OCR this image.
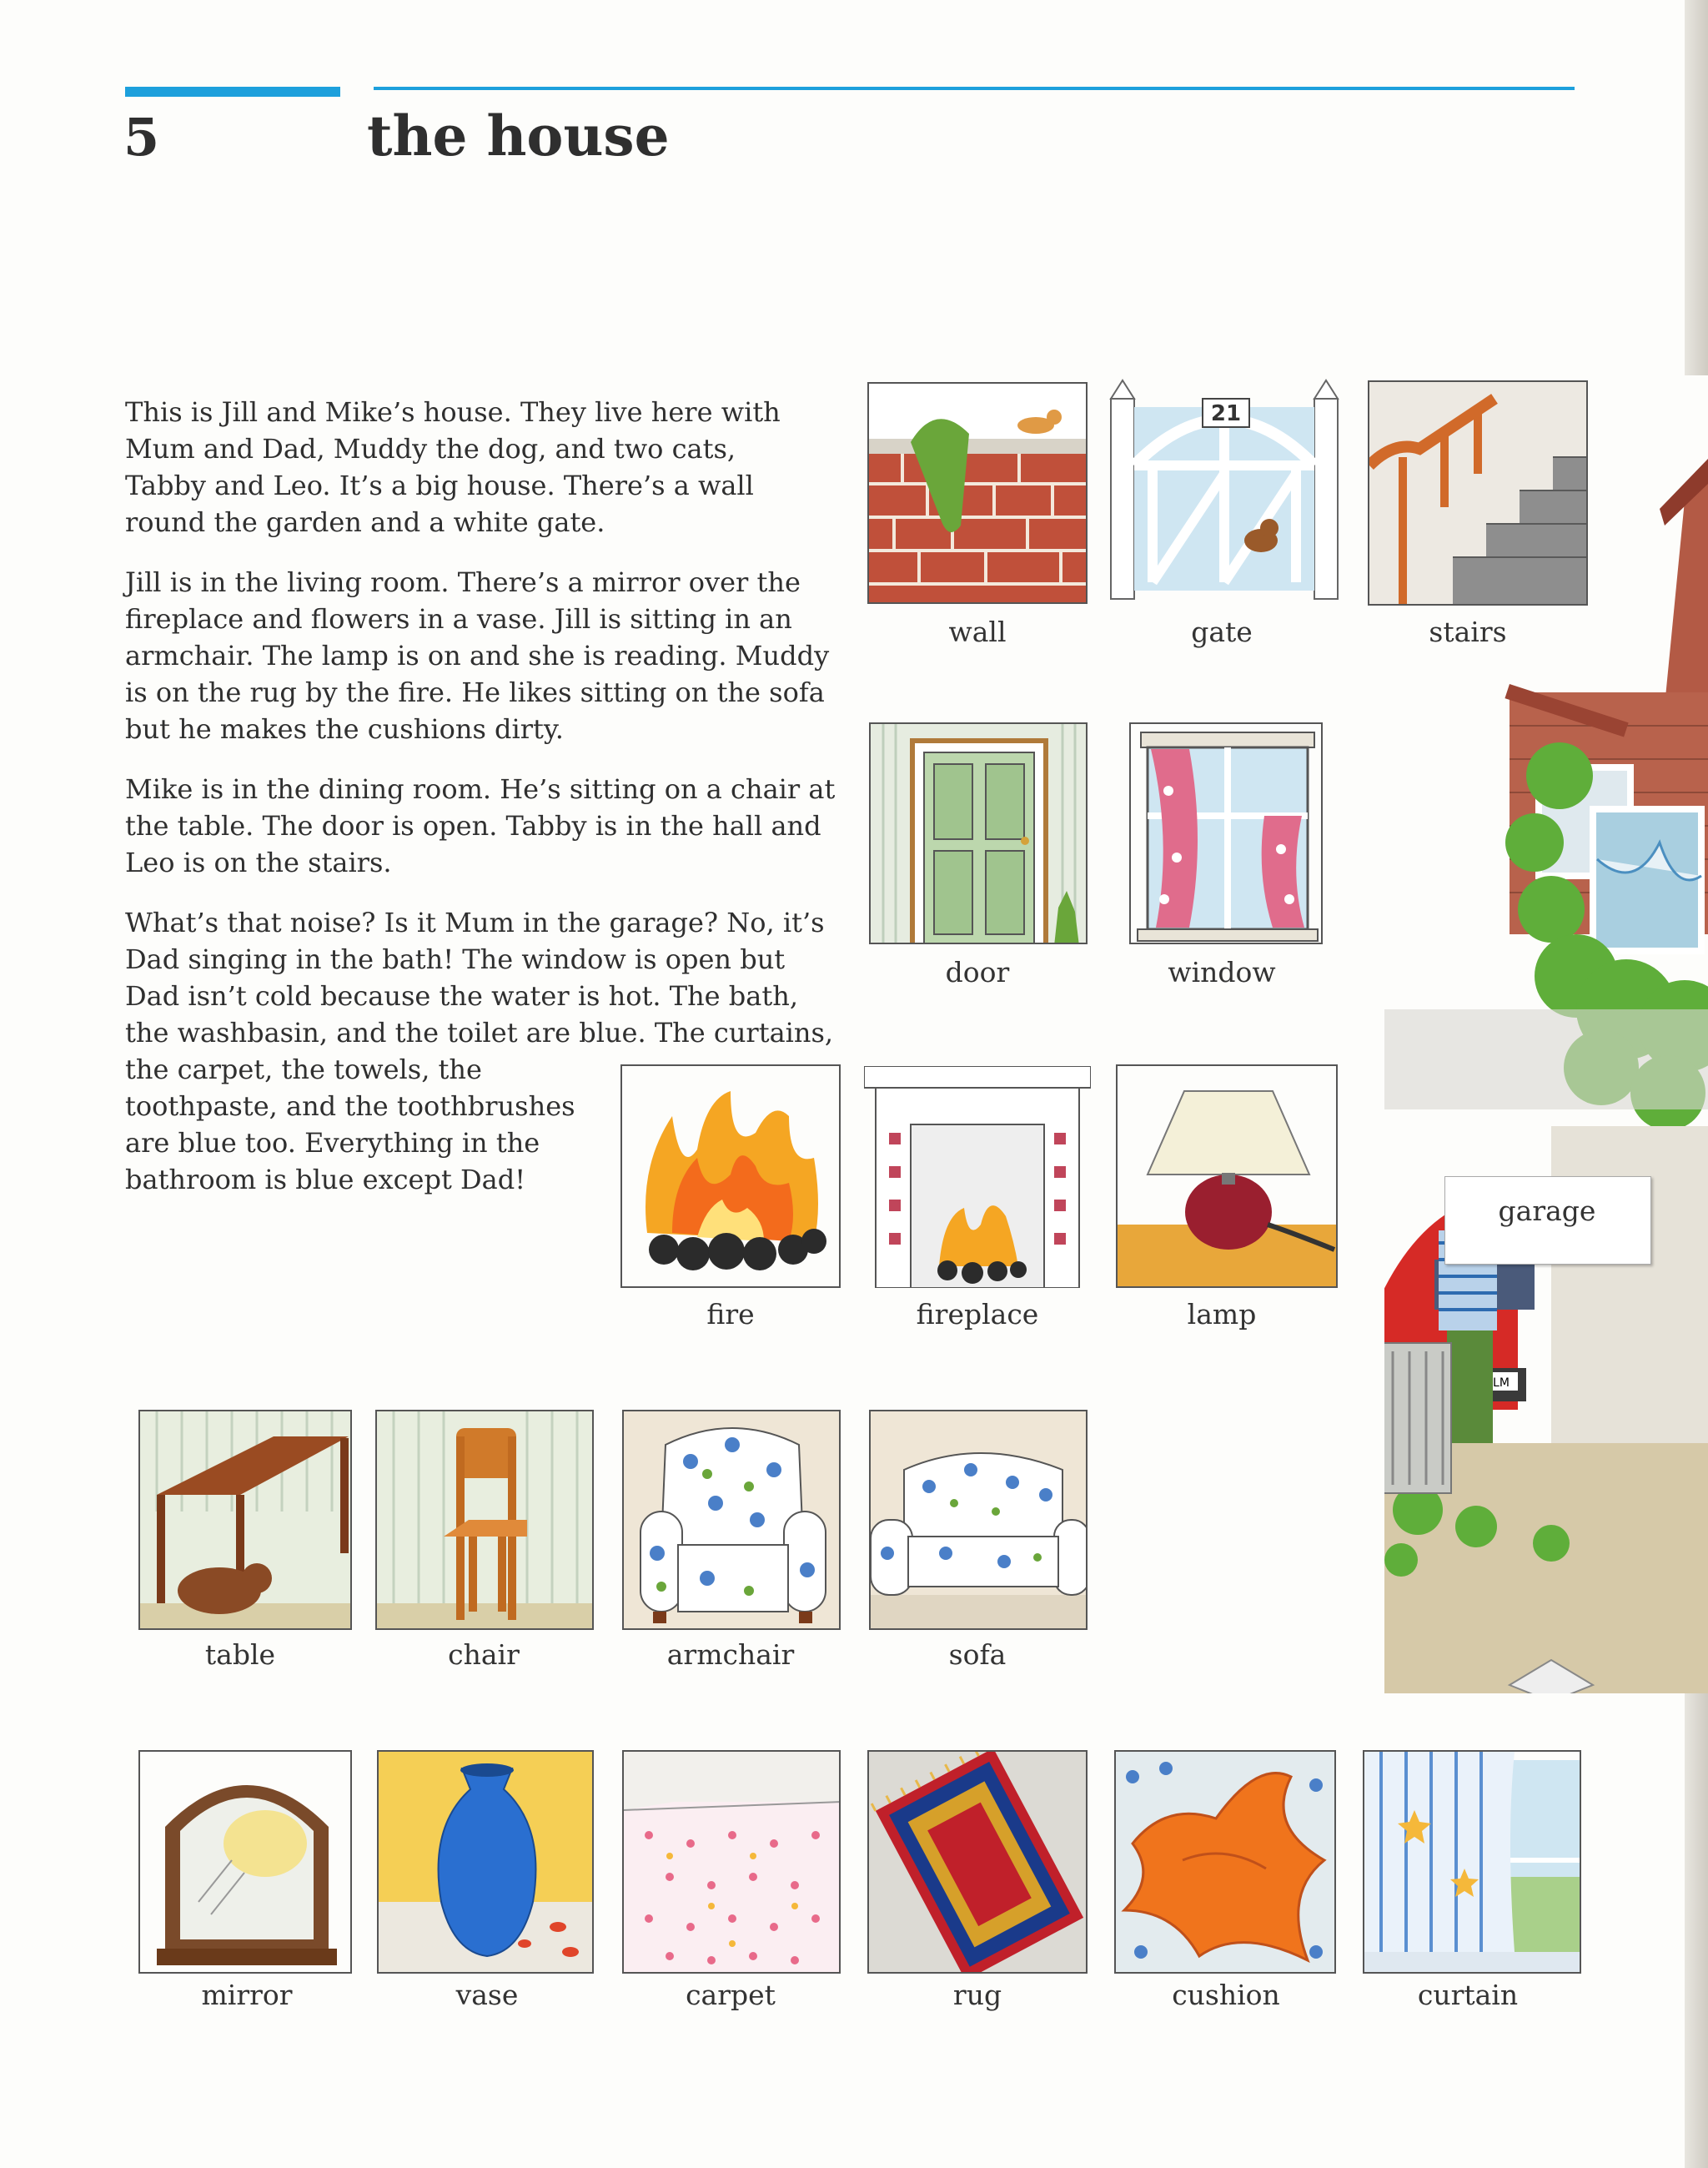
5	the house

This is Jill and Mike’s house. They live here with Mum and Dad, Muddy the dog, and two cats, Tabby and Leo. It’s a big house. There’s a wall round the garden and a white gate.

Jill is in the living room. There’s a mirror over the fireplace and flowers in a vase. Jill is sitting in an armchair. The lamp is on and she is reading. Muddy is on the rug by the fire. He likes sitting on the sofa but he makes the cushions dirty.

Mike is in the dining room. He’s sitting on a chair at the table. The door is open. Tabby is in the hall and Leo is on the stairs.

What’s that noise? Is it Mum in the garage? No, it’s Dad singing in the bath! The window is open but Dad isn’t cold because the water is hot. The bath, the washbasin, and the toilet are blue. The curtains,

the carpet, the towels, the toothpaste, and the toothbrushes are blue too. Everything in the bathroom is blue except Dad!

LM
garage
wall
21
gate	stairs
door	window
fire	fireplace	lamp
table	chair	armchair	sofa
mirror	vase	carpet	rug	cushion	curtain
